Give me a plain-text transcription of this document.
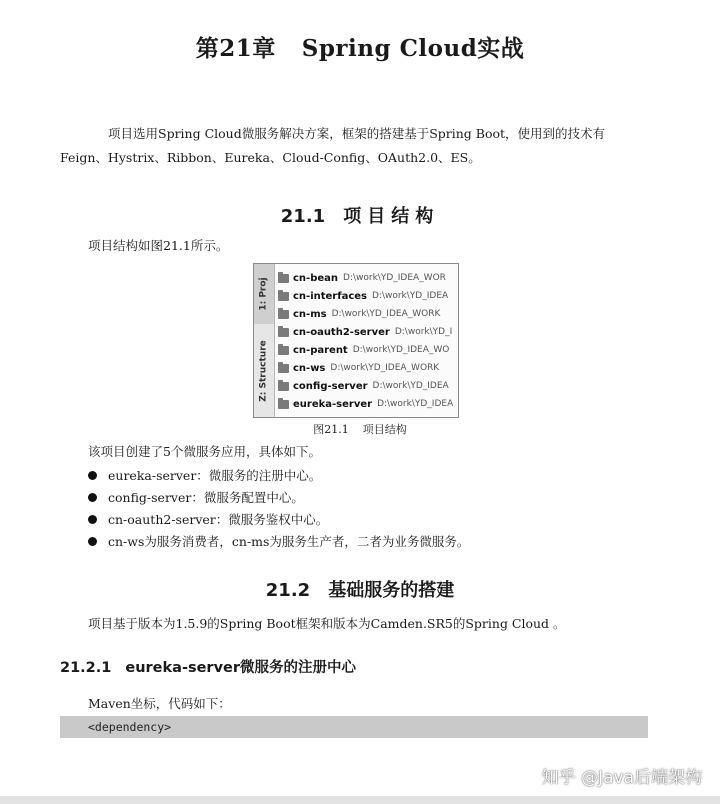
第21章 Spring Cloud实战
项目选用Spring Cloud微服务解决方案，框架的搭建基于Spring Boot，使用到的技术有
Feign、Hystrix、Ribbon、Eureka、Cloud-Config、OAuth2.0、ES。
21.1 项目结构
项目结构如图21.1所示。
1: Proj
Z: Structure
cn-bean D:\work\YD_IDEA_WOR
cn-interfaces D:\work\YD_IDEA
cn-ms D:\work\YD_IDEA_WORK
cn-oauth2-server D:\work\YD_I
cn-parent D:\work\YD_IDEA_WO
cn-ws D:\work\YD_IDEA_WORK
config-server D:\work\YD_IDEA
eureka-server D:\work\YD_IDEA
图21.1 项目结构
该项目创建了5个微服务应用，具体如下。
eureka-server：微服务的注册中心。
config-server：微服务配置中心。
cn-oauth2-server：微服务鉴权中心。
cn-ws为服务消费者，cn-ms为服务生产者，二者为业务微服务。
21.2 基础服务的搭建
项目基于版本为1.5.9的Spring Boot框架和版本为Camden.SR5的Spring Cloud 。
21.2.1 eureka-server微服务的注册中心
Maven坐标，代码如下：
<dependency>
知乎 @Java后端架构
